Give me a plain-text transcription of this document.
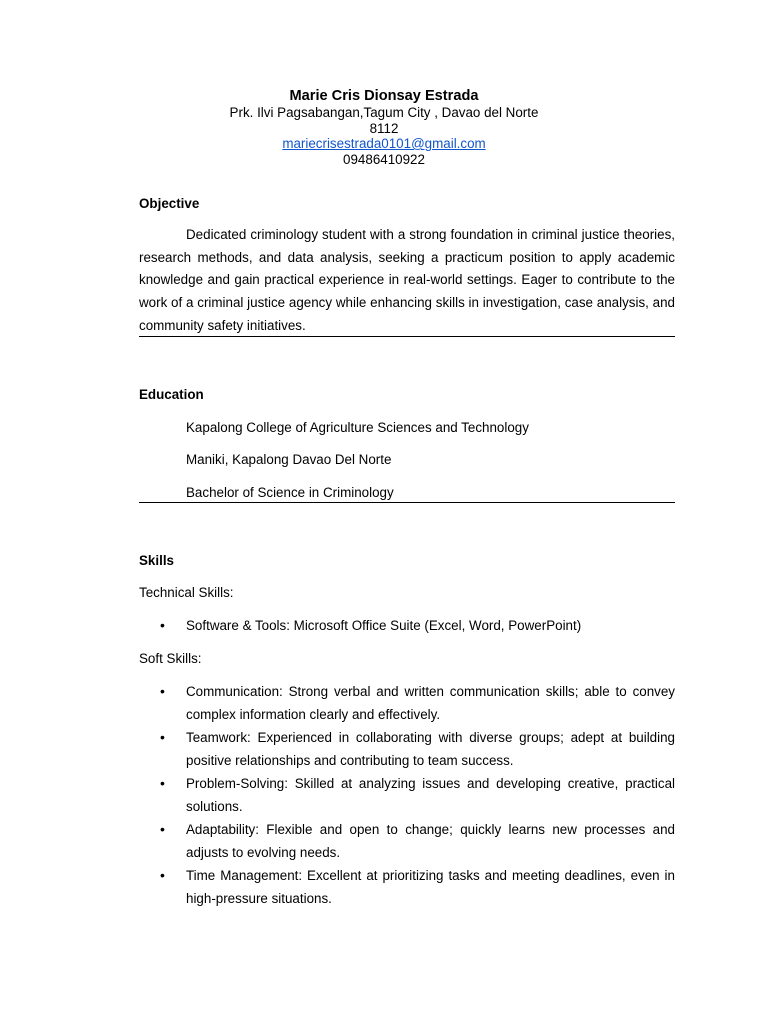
Marie Cris Dionsay Estrada
Prk. Ilvi Pagsabangan,Tagum City , Davao del Norte
8112
mariecrisestrada0101@gmail.com
09486410922
Objective

Dedicated criminology student with a strong foundation in criminal justice theories, research methods, and data analysis, seeking a practicum position to apply academic knowledge and gain practical experience in real-world settings. Eager to contribute to the work of a criminal justice agency while enhancing skills in investigation, case analysis, and community safety initiatives.

Education
Kapalong College of Agriculture Sciences and Technology
Maniki, Kapalong Davao Del Norte
Bachelor of Science in Criminology
Skills
Technical Skills:
• Software & Tools: Microsoft Office Suite (Excel, Word, PowerPoint)
Soft Skills:
• Communication: Strong verbal and written communication skills; able to convey complex information clearly and effectively.
• Teamwork: Experienced in collaborating with diverse groups; adept at building positive relationships and contributing to team success.
• Problem-Solving: Skilled at analyzing issues and developing creative, practical solutions.
• Adaptability: Flexible and open to change; quickly learns new processes and adjusts to evolving needs.
• Time Management: Excellent at prioritizing tasks and meeting deadlines, even in high-pressure situations.
